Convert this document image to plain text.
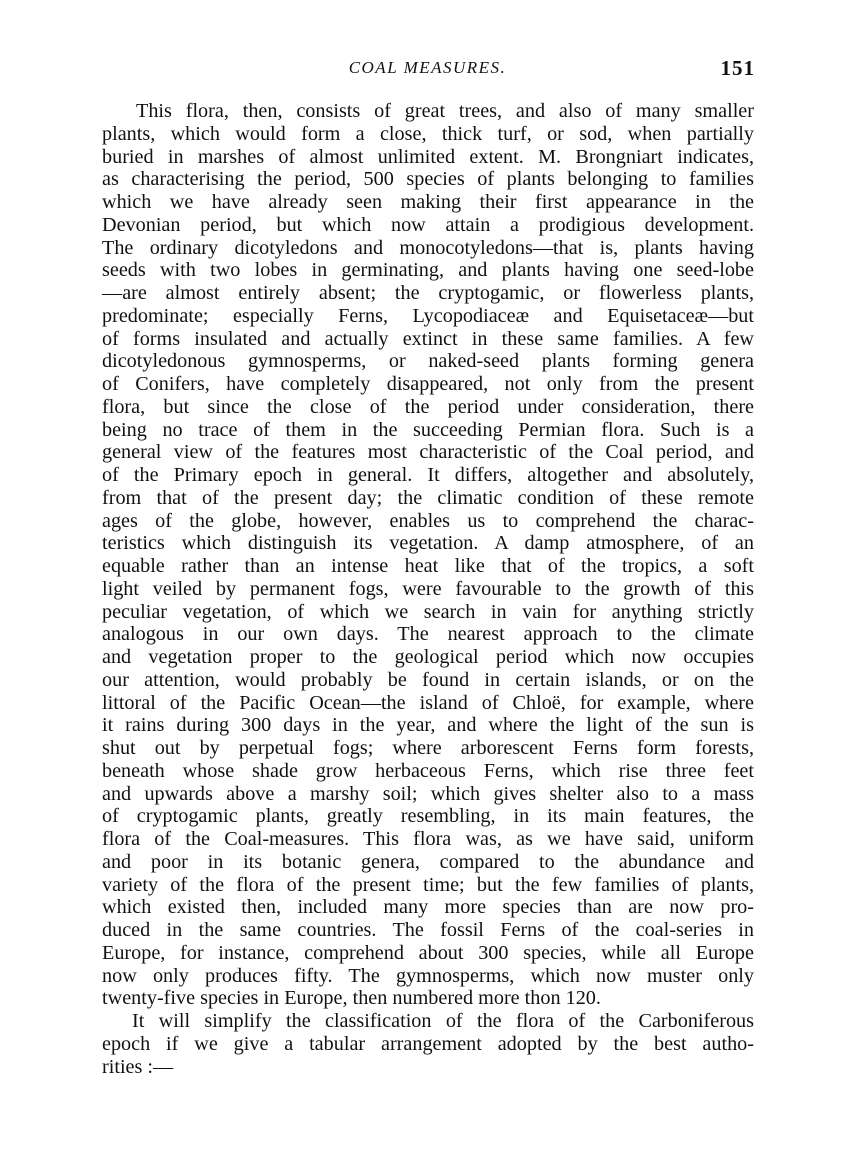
COAL MEASURES.	151
This flora, then, consists of great trees, and also of many smaller
plants, which would form a close, thick turf, or sod, when partially
buried in marshes of almost unlimited extent. M. Brongniart indicates,
as characterising the period, 500 species of plants belonging to families
which we have already seen making their first appearance in the
Devonian period, but which now attain a prodigious development.
The ordinary dicotyledons and monocotyledons—that is, plants having
seeds with two lobes in germinating, and plants having one seed-lobe
—are almost entirely absent; the cryptogamic, or flowerless plants,
predominate; especially Ferns, Lycopodiaceæ and Equisetaceæ—but
of forms insulated and actually extinct in these same families. A few
dicotyledonous gymnosperms, or naked-seed plants forming genera
of Conifers, have completely disappeared, not only from the present
flora, but since the close of the period under consideration, there
being no trace of them in the succeeding Permian flora. Such is a
general view of the features most characteristic of the Coal period, and
of the Primary epoch in general. It differs, altogether and absolutely,
from that of the present day; the climatic condition of these remote
ages of the globe, however, enables us to comprehend the charac-
teristics which distinguish its vegetation. A damp atmosphere, of an
equable rather than an intense heat like that of the tropics, a soft
light veiled by permanent fogs, were favourable to the growth of this
peculiar vegetation, of which we search in vain for anything strictly
analogous in our own days. The nearest approach to the climate
and vegetation proper to the geological period which now occupies
our attention, would probably be found in certain islands, or on the
littoral of the Pacific Ocean—the island of Chloë, for example, where
it rains during 300 days in the year, and where the light of the sun is
shut out by perpetual fogs; where arborescent Ferns form forests,
beneath whose shade grow herbaceous Ferns, which rise three feet
and upwards above a marshy soil; which gives shelter also to a mass
of cryptogamic plants, greatly resembling, in its main features, the
flora of the Coal-measures. This flora was, as we have said, uniform
and poor in its botanic genera, compared to the abundance and
variety of the flora of the present time; but the few families of plants,
which existed then, included many more species than are now pro-
duced in the same countries. The fossil Ferns of the coal-series in
Europe, for instance, comprehend about 300 species, while all Europe
now only produces fifty. The gymnosperms, which now muster only
twenty-five species in Europe, then numbered more thon 120.
It will simplify the classification of the flora of the Carboniferous
epoch if we give a tabular arrangement adopted by the best autho-
rities :—
